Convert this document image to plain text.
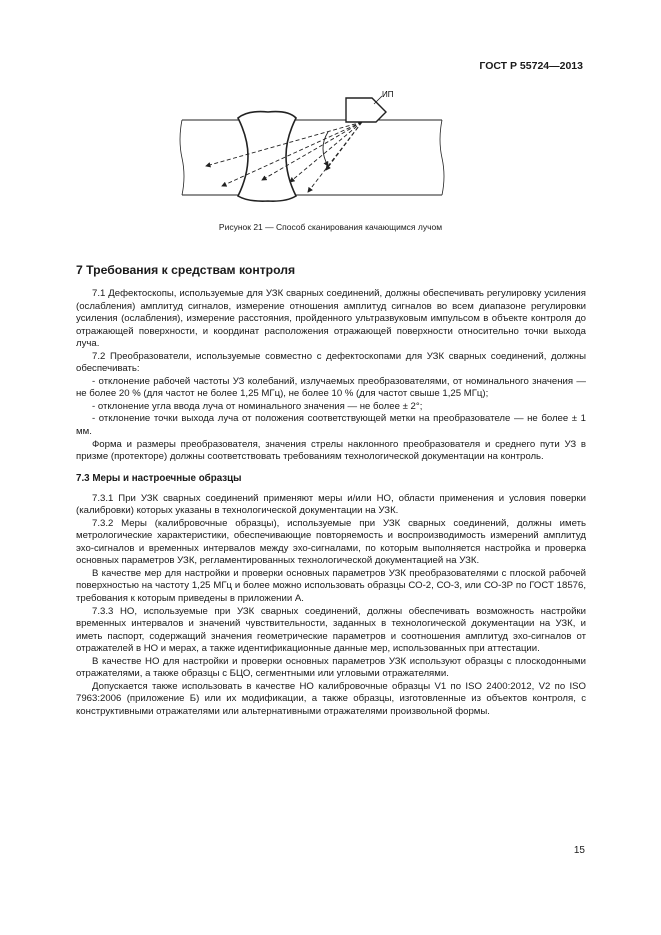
ГОСТ Р 55724—2013
ИП
Рисунок 21 — Способ сканирования качающимся лучом
7 Требования к средствам контроля

7.1 Дефектоскопы, используемые для УЗК сварных соединений, должны обеспечивать регулировку усиления (ослабления) амплитуд сигналов, измерение отношения амплитуд сигналов во всем диапазоне регулировки усиления (ослабления), измерение расстояния, пройденного ультразвуковым импульсом в объекте контроля до отражающей поверхности, и координат расположения отражающей поверхности относительно точки выхода луча.

7.2 Преобразователи, используемые совместно с дефектоскопами для УЗК сварных соединений, должны обеспечивать:

- отклонение рабочей частоты УЗ колебаний, излучаемых преобразователями, от номинального значения — не более 20 % (для частот не более 1,25 МГц), не более 10 % (для частот свыше 1,25 МГц);

- отклонение угла ввода луча от номинального значения — не более ± 2°;

- отклонение точки выхода луча от положения соответствующей метки на преобразователе — не более ± 1 мм.

Форма и размеры преобразователя, значения стрелы наклонного преобразователя и среднего пути УЗ в призме (протекторе) должны соответствовать требованиям технологической документации на контроль.

7.3 Меры и настроечные образцы

7.3.1 При УЗК сварных соединений применяют меры и/или НО, области применения и условия поверки (калибровки) которых указаны в технологической документации на УЗК.

7.3.2 Меры (калибровочные образцы), используемые при УЗК сварных соединений, должны иметь метрологические характеристики, обеспечивающие повторяемость и воспроизводимость измерений амплитуд эхо-сигналов и временных интервалов между эхо-сигналами, по которым выполняется настройка и проверка основных параметров УЗК, регламентированных технологической документацией на УЗК.

В качестве мер для настройки и проверки основных параметров УЗК преобразователями с плоской рабочей поверхностью на частоту 1,25 МГц и более можно использовать образцы СО-2, СО-3, или СО-3Р по ГОСТ 18576, требования к которым приведены в приложении А.

7.3.3 НО, используемые при УЗК сварных соединений, должны обеспечивать возможность настройки временных интервалов и значений чувствительности, заданных в технологической документации на УЗК, и иметь паспорт, содержащий значения геометрические параметров и соотношения амплитуд эхо-сигналов от отражателей в НО и мерах, а также идентификационные данные мер, использованных при аттестации.

В качестве НО для настройки и проверки основных параметров УЗК используют образцы с плоскодонными отражателями, а также образцы с БЦО, сегментными или угловыми отражателями.

Допускается также использовать в качестве НО калибровочные образцы V1 по ISO 2400:2012, V2 по ISO 7963:2006 (приложение Б) или их модификации, а также образцы, изготовленные из объектов контроля, с конструктивными отражателями или альтернативными отражателями произвольной формы.

15
